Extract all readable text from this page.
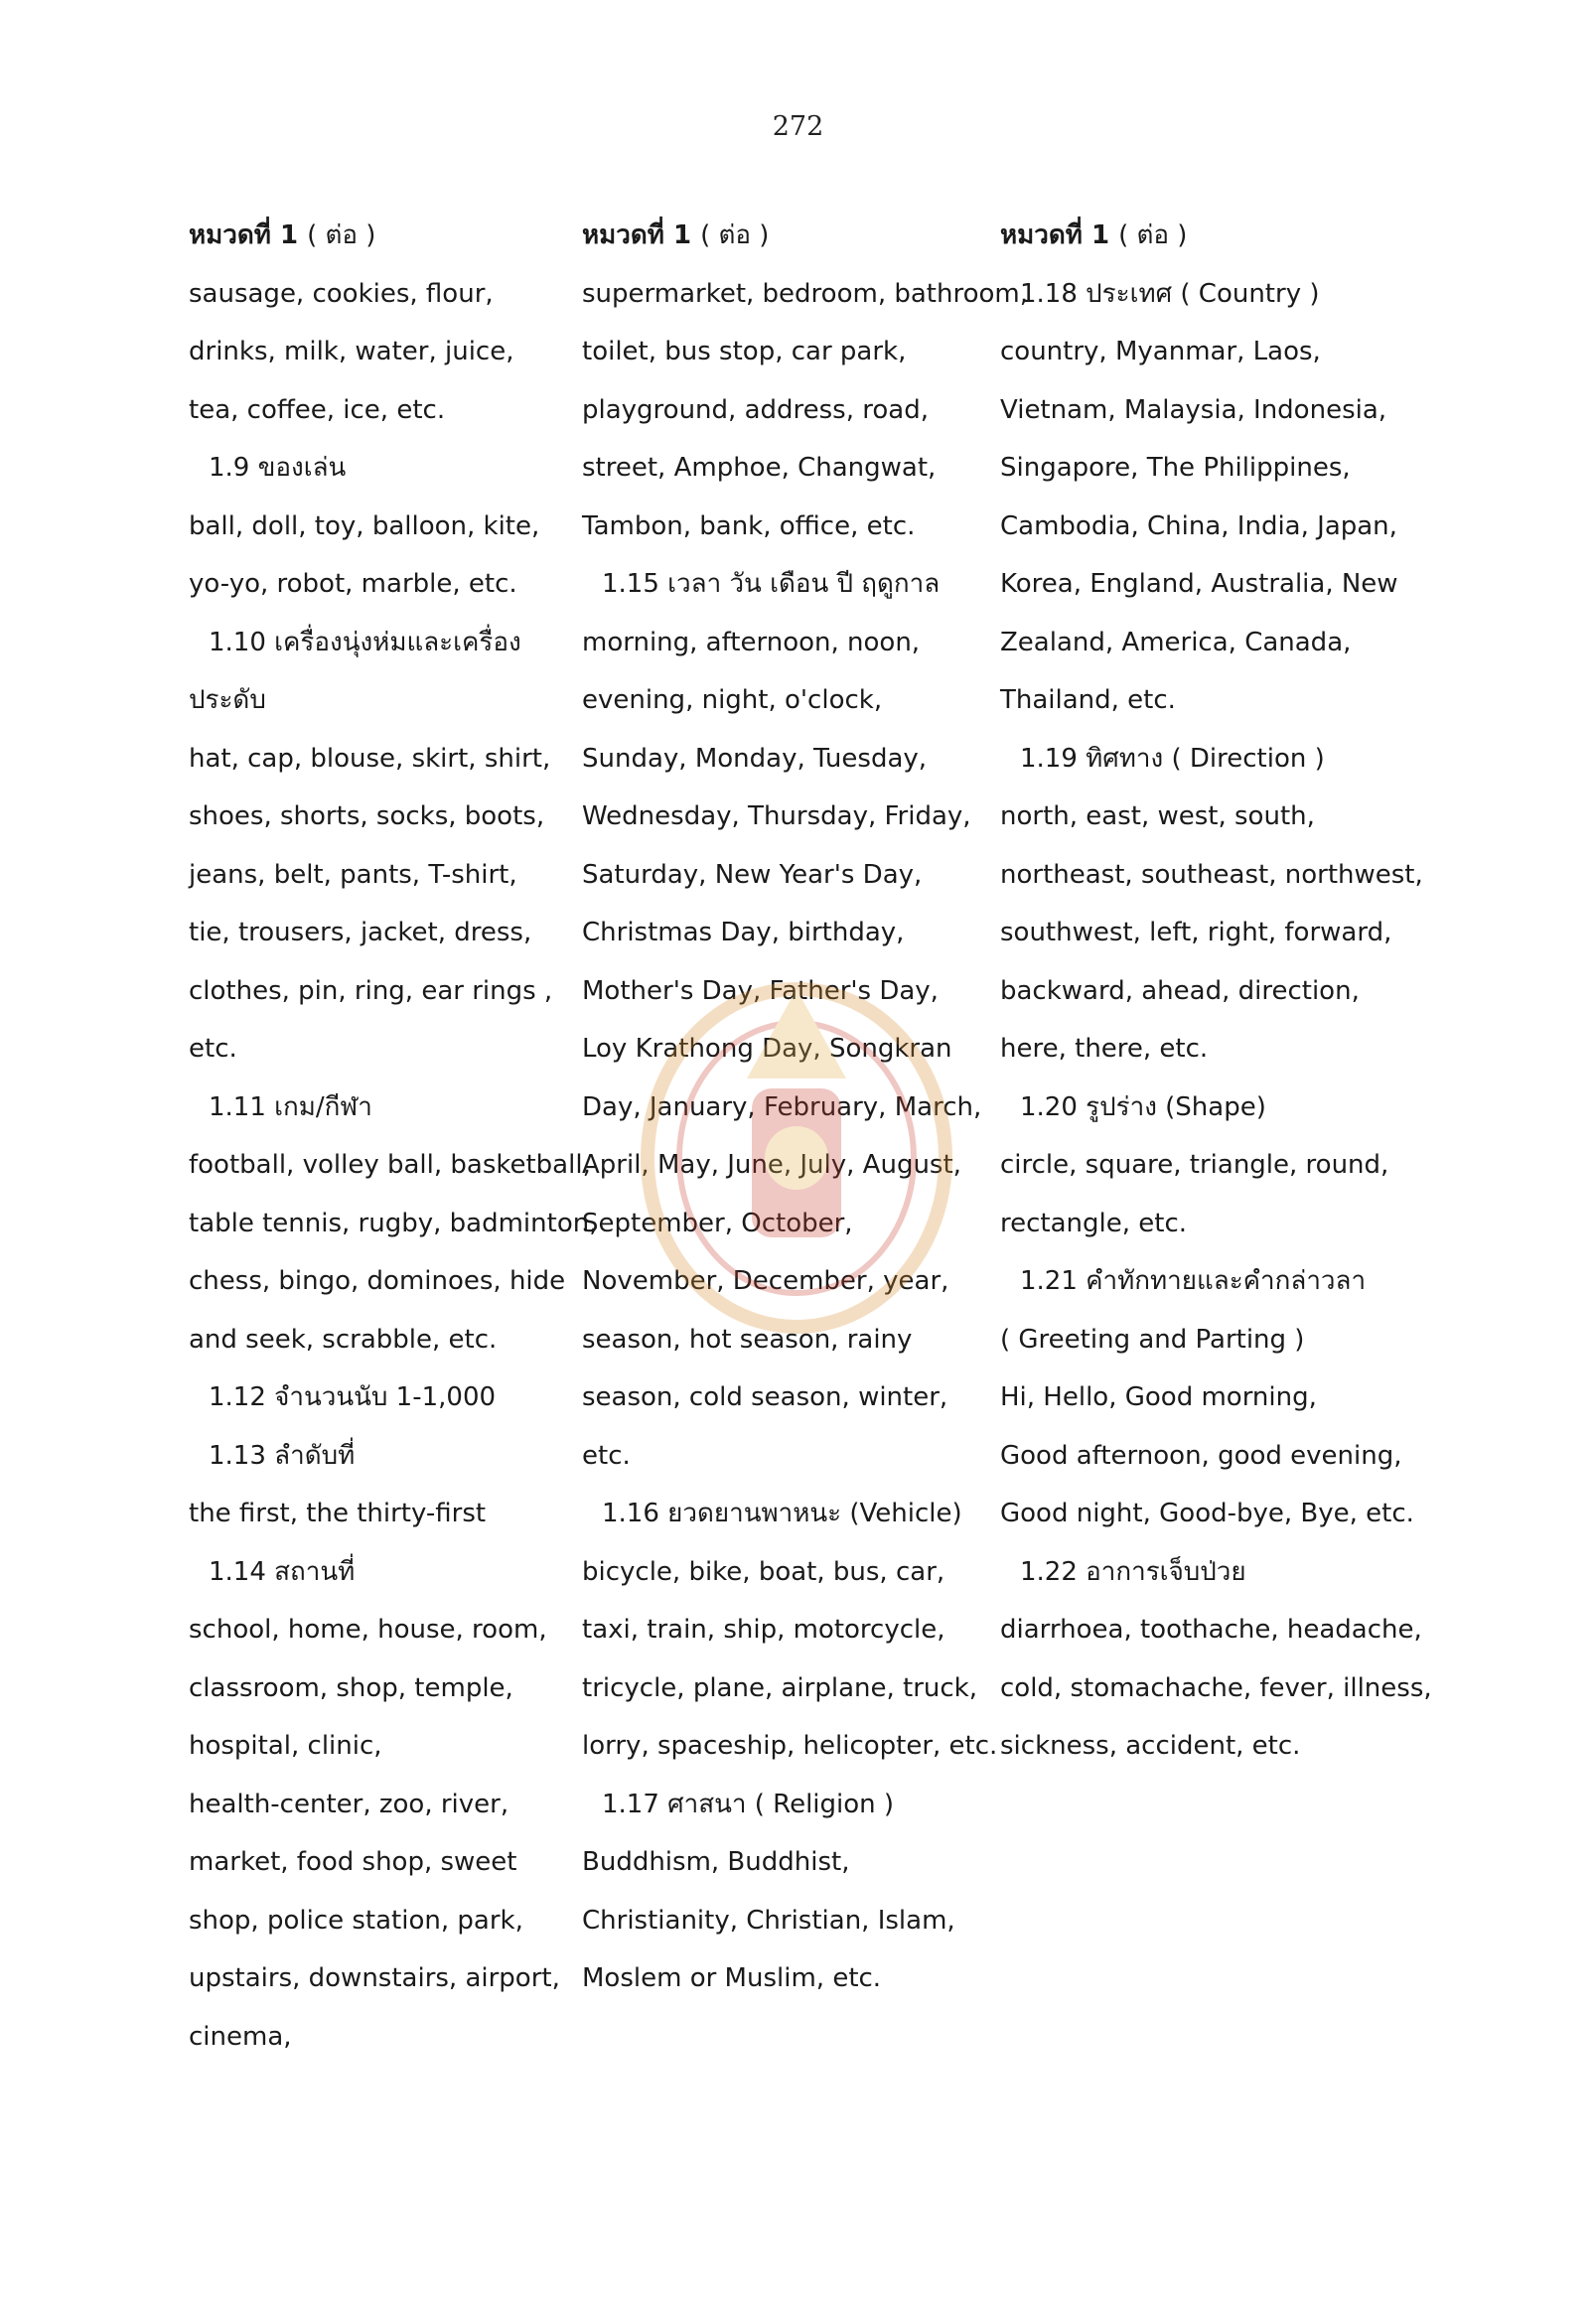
272
หมวดที่ 1 ( ต่อ )
sausage, cookies, flour,
drinks, milk, water, juice,
tea, coffee, ice, etc.
1.9 ของเล่น
ball, doll, toy, balloon, kite,
yo-yo, robot, marble, etc.
1.10 เครื่องนุ่งห่มและเครื่อง
ประดับ
hat, cap, blouse, skirt, shirt,
shoes, shorts, socks, boots,
jeans, belt, pants, T-shirt,
tie, trousers, jacket, dress,
clothes, pin, ring, ear rings ,
etc.
1.11 เกม/กีฬา
football, volley ball, basketball,
table tennis, rugby, badminton,
chess, bingo, dominoes, hide
and seek, scrabble, etc.
1.12 จำนวนนับ 1-1,000
1.13 ลำดับที่
the first, the thirty-first
1.14 สถานที่
school, home, house, room,
classroom, shop, temple,
hospital, clinic,
health-center, zoo, river,
market, food shop, sweet
shop, police station, park,
upstairs, downstairs, airport,
cinema,
หมวดที่ 1 ( ต่อ )
supermarket, bedroom, bathroom,
toilet, bus stop, car park,
playground, address, road,
street, Amphoe, Changwat,
Tambon, bank, office, etc.
1.15 เวลา วัน เดือน ปี ฤดูกาล
morning, afternoon, noon,
evening, night, o'clock,
Sunday, Monday, Tuesday,
Wednesday, Thursday, Friday,
Saturday, New Year's Day,
Christmas Day, birthday,
Mother's Day, Father's Day,
Loy Krathong Day, Songkran
Day, January, February, March,
April, May, June, July, August,
September, October,
November, December, year,
season, hot season, rainy
season, cold season, winter,
etc.
1.16 ยวดยานพาหนะ (Vehicle)
bicycle, bike, boat, bus, car,
taxi, train, ship, motorcycle,
tricycle, plane, airplane, truck,
lorry, spaceship, helicopter, etc.
1.17 ศาสนา ( Religion )
Buddhism, Buddhist,
Christianity, Christian, Islam,
Moslem or Muslim, etc.
หมวดที่ 1 ( ต่อ )
1.18 ประเทศ ( Country )
country, Myanmar, Laos,
Vietnam, Malaysia, Indonesia,
Singapore, The Philippines,
Cambodia, China, India, Japan,
Korea, England, Australia, New
Zealand, America, Canada,
Thailand, etc.
1.19 ทิศทาง ( Direction )
north, east, west, south,
northeast, southeast, northwest,
southwest, left, right, forward,
backward, ahead, direction,
here, there, etc.
1.20 รูปร่าง (Shape)
circle, square, triangle, round,
rectangle, etc.
1.21 คำทักทายและคำกล่าวลา
( Greeting and Parting )
Hi, Hello, Good morning,
Good afternoon, good evening,
Good night, Good-bye, Bye, etc.
1.22 อาการเจ็บป่วย
diarrhoea, toothache, headache,
cold, stomachache, fever, illness,
sickness, accident, etc.
